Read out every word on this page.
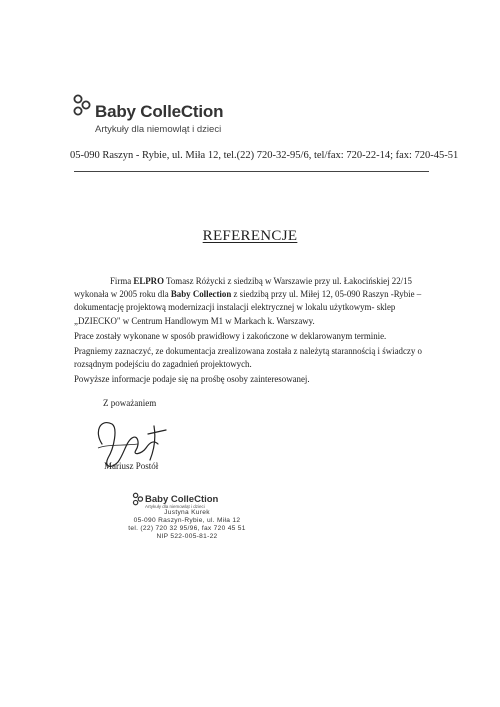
Baby ColleCtion
Artykuły dla niemowląt i dzieci
05-090 Raszyn - Rybie, ul. Miła 12, tel.(22) 720-32-95/6, tel/fax: 720-22-14; fax: 720-45-51
REFERENCJE

Firma ELPRO Tomasz Różycki z siedzibą w Warszawie przy ul. Łakocińskiej 22/15 wykonała w 2005 roku dla Baby Collection z siedzibą przy ul. Miłej 12, 05-090 Raszyn -Rybie – dokumentację projektową modernizacji instalacji elektrycznej w lokalu użytkowym- sklep „DZIECKO" w Centrum Handlowym M1 w Markach k. Warszawy.

Prace zostały wykonane w sposób prawidłowy i zakończone w deklarowanym terminie.

Pragniemy zaznaczyć, ze dokumentacja zrealizowana została z należytą starannością i świadczy o rozsądnym podejściu do zagadnień projektowych.

Powyższe informacje podaje się na prośbę osoby zainteresowanej.

Z poważaniem
Mariusz Postół
Baby ColleCtion
Artykuły dla niemowląt i dzieci
Justyna Kurek
05-090 Raszyn-Rybie, ul. Miła 12
tel. (22) 720 32 95/96, fax 720 45 51
NIP 522-005-81-22
